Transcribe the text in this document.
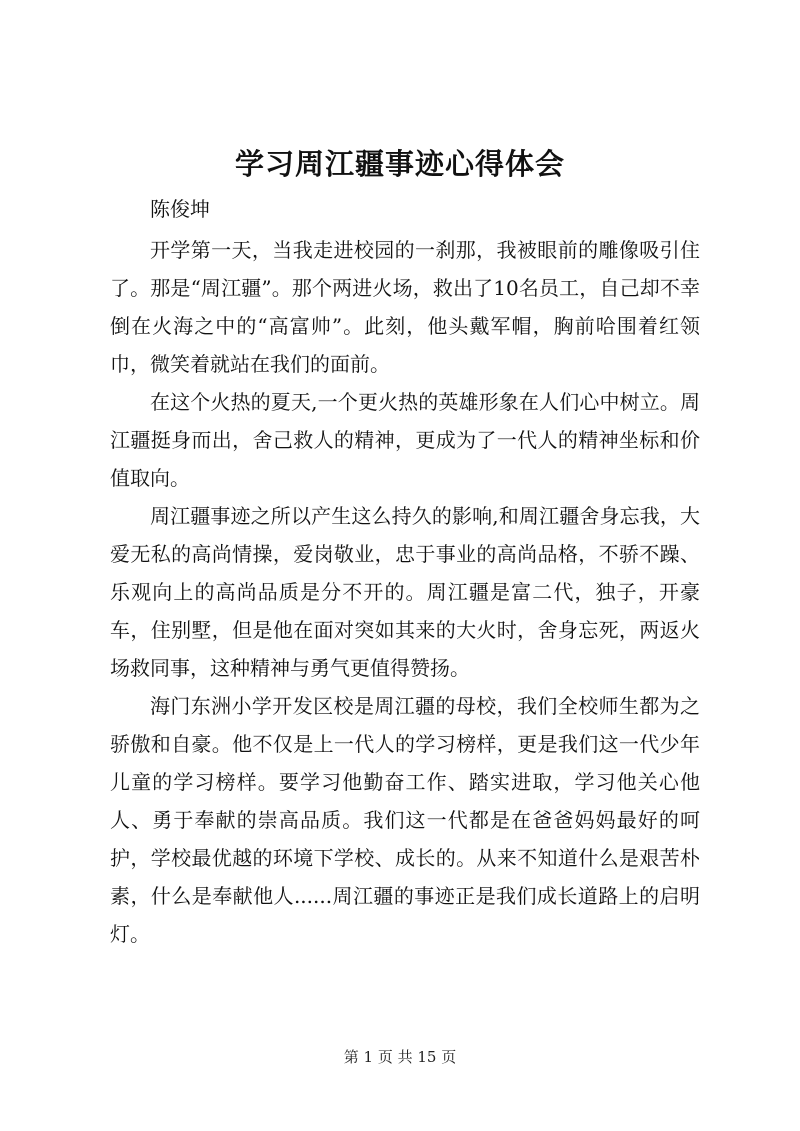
学习周江疆事迹心得体会

陈俊坤

开学第一天，当我走进校园的一刹那，我被眼前的雕像吸引住了。那是“周江疆”。那个两进火场，救出了10名员工，自己却不幸倒在火海之中的“高富帅”。此刻，他头戴军帽，胸前哈围着红领巾，微笑着就站在我们的面前。

在这个火热的夏天,一个更火热的英雄形象在人们心中树立。周江疆挺身而出，舍己救人的精神，更成为了一代人的精神坐标和价值取向。

周江疆事迹之所以产生这么持久的影响,和周江疆舍身忘我，大爱无私的高尚情操，爱岗敬业，忠于事业的高尚品格，不骄不躁、乐观向上的高尚品质是分不开的。周江疆是富二代，独子，开豪车，住别墅，但是他在面对突如其来的大火时，舍身忘死，两返火场救同事，这种精神与勇气更值得赞扬。

海门东洲小学开发区校是周江疆的母校，我们全校师生都为之骄傲和自豪。他不仅是上一代人的学习榜样，更是我们这一代少年儿童的学习榜样。要学习他勤奋工作、踏实进取，学习他关心他人、勇于奉献的崇高品质。我们这一代都是在爸爸妈妈最好的呵护，学校最优越的环境下学校、成长的。从来不知道什么是艰苦朴素，什么是奉献他人......周江疆的事迹正是我们成长道路上的启明灯。

第 1 页 共 15 页
